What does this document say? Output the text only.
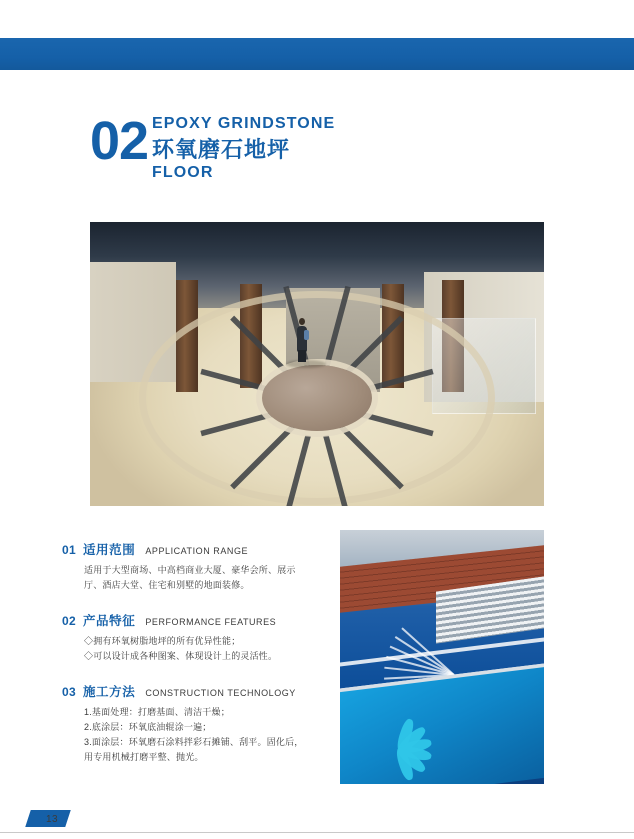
02 EPOXY GRINDSTONE
环氧磨石地坪
FLOOR
01 适用范围 APPLICATION RANGE
适用于大型商场、中高档商业大厦、豪华会所、展示
厅、酒店大堂、住宅和别墅的地面装修。
02 产品特征 PERFORMANCE FEATURES
◇拥有环氧树脂地坪的所有优异性能；
◇可以设计成各种图案、体现设计上的灵活性。
03 施工方法 CONSTRUCTION TECHNOLOGY
1.基面处理：打磨基面、清洁干燥；
2.底涂层：环氧底油辊涂一遍；
3.面涂层：环氧磨石涂料拌彩石摊铺、刮平。固化后，
用专用机械打磨平整、抛光。
13
